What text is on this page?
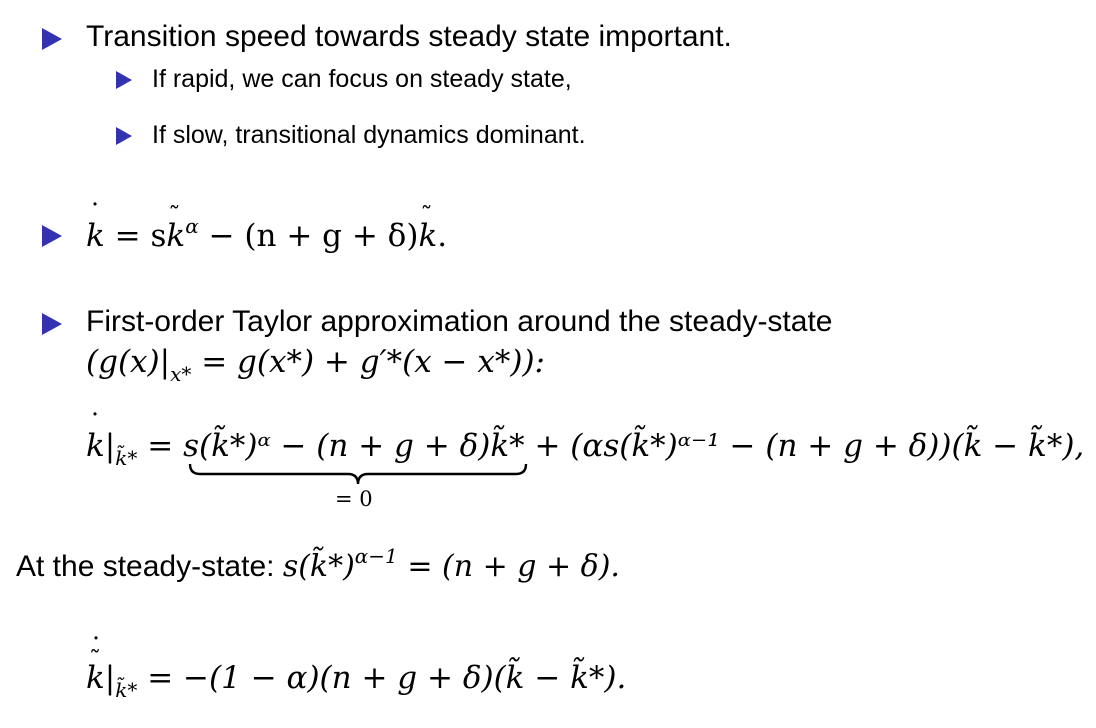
Transition speed towards steady state important.
If rapid, we can focus on steady state,
If slow, transitional dynamics dominant.
˙ k = s˜ $k^\alpha - (n + g$ + δ)˜ k.
First-order Taylor approximation around the steady-state
$(g(x)|_{x*} = g(x*) + g'*(x - x*))$:
˙ $k|_{k̃*}$ = s(k̃*)ᵅ − (n + g + δ)k̃* + (αs(k̃*)ᵅ⁻¹ − (n + g + δ))(k̃ − k̃*),
= 0
At the steady-state: s(k̃*)$^{\alpha-1}$ = (n + g + δ).
˙ k $˜|_{k̃*} = -(1 - \alpha)(n + g$ + δ)(k̃ − k̃*).
